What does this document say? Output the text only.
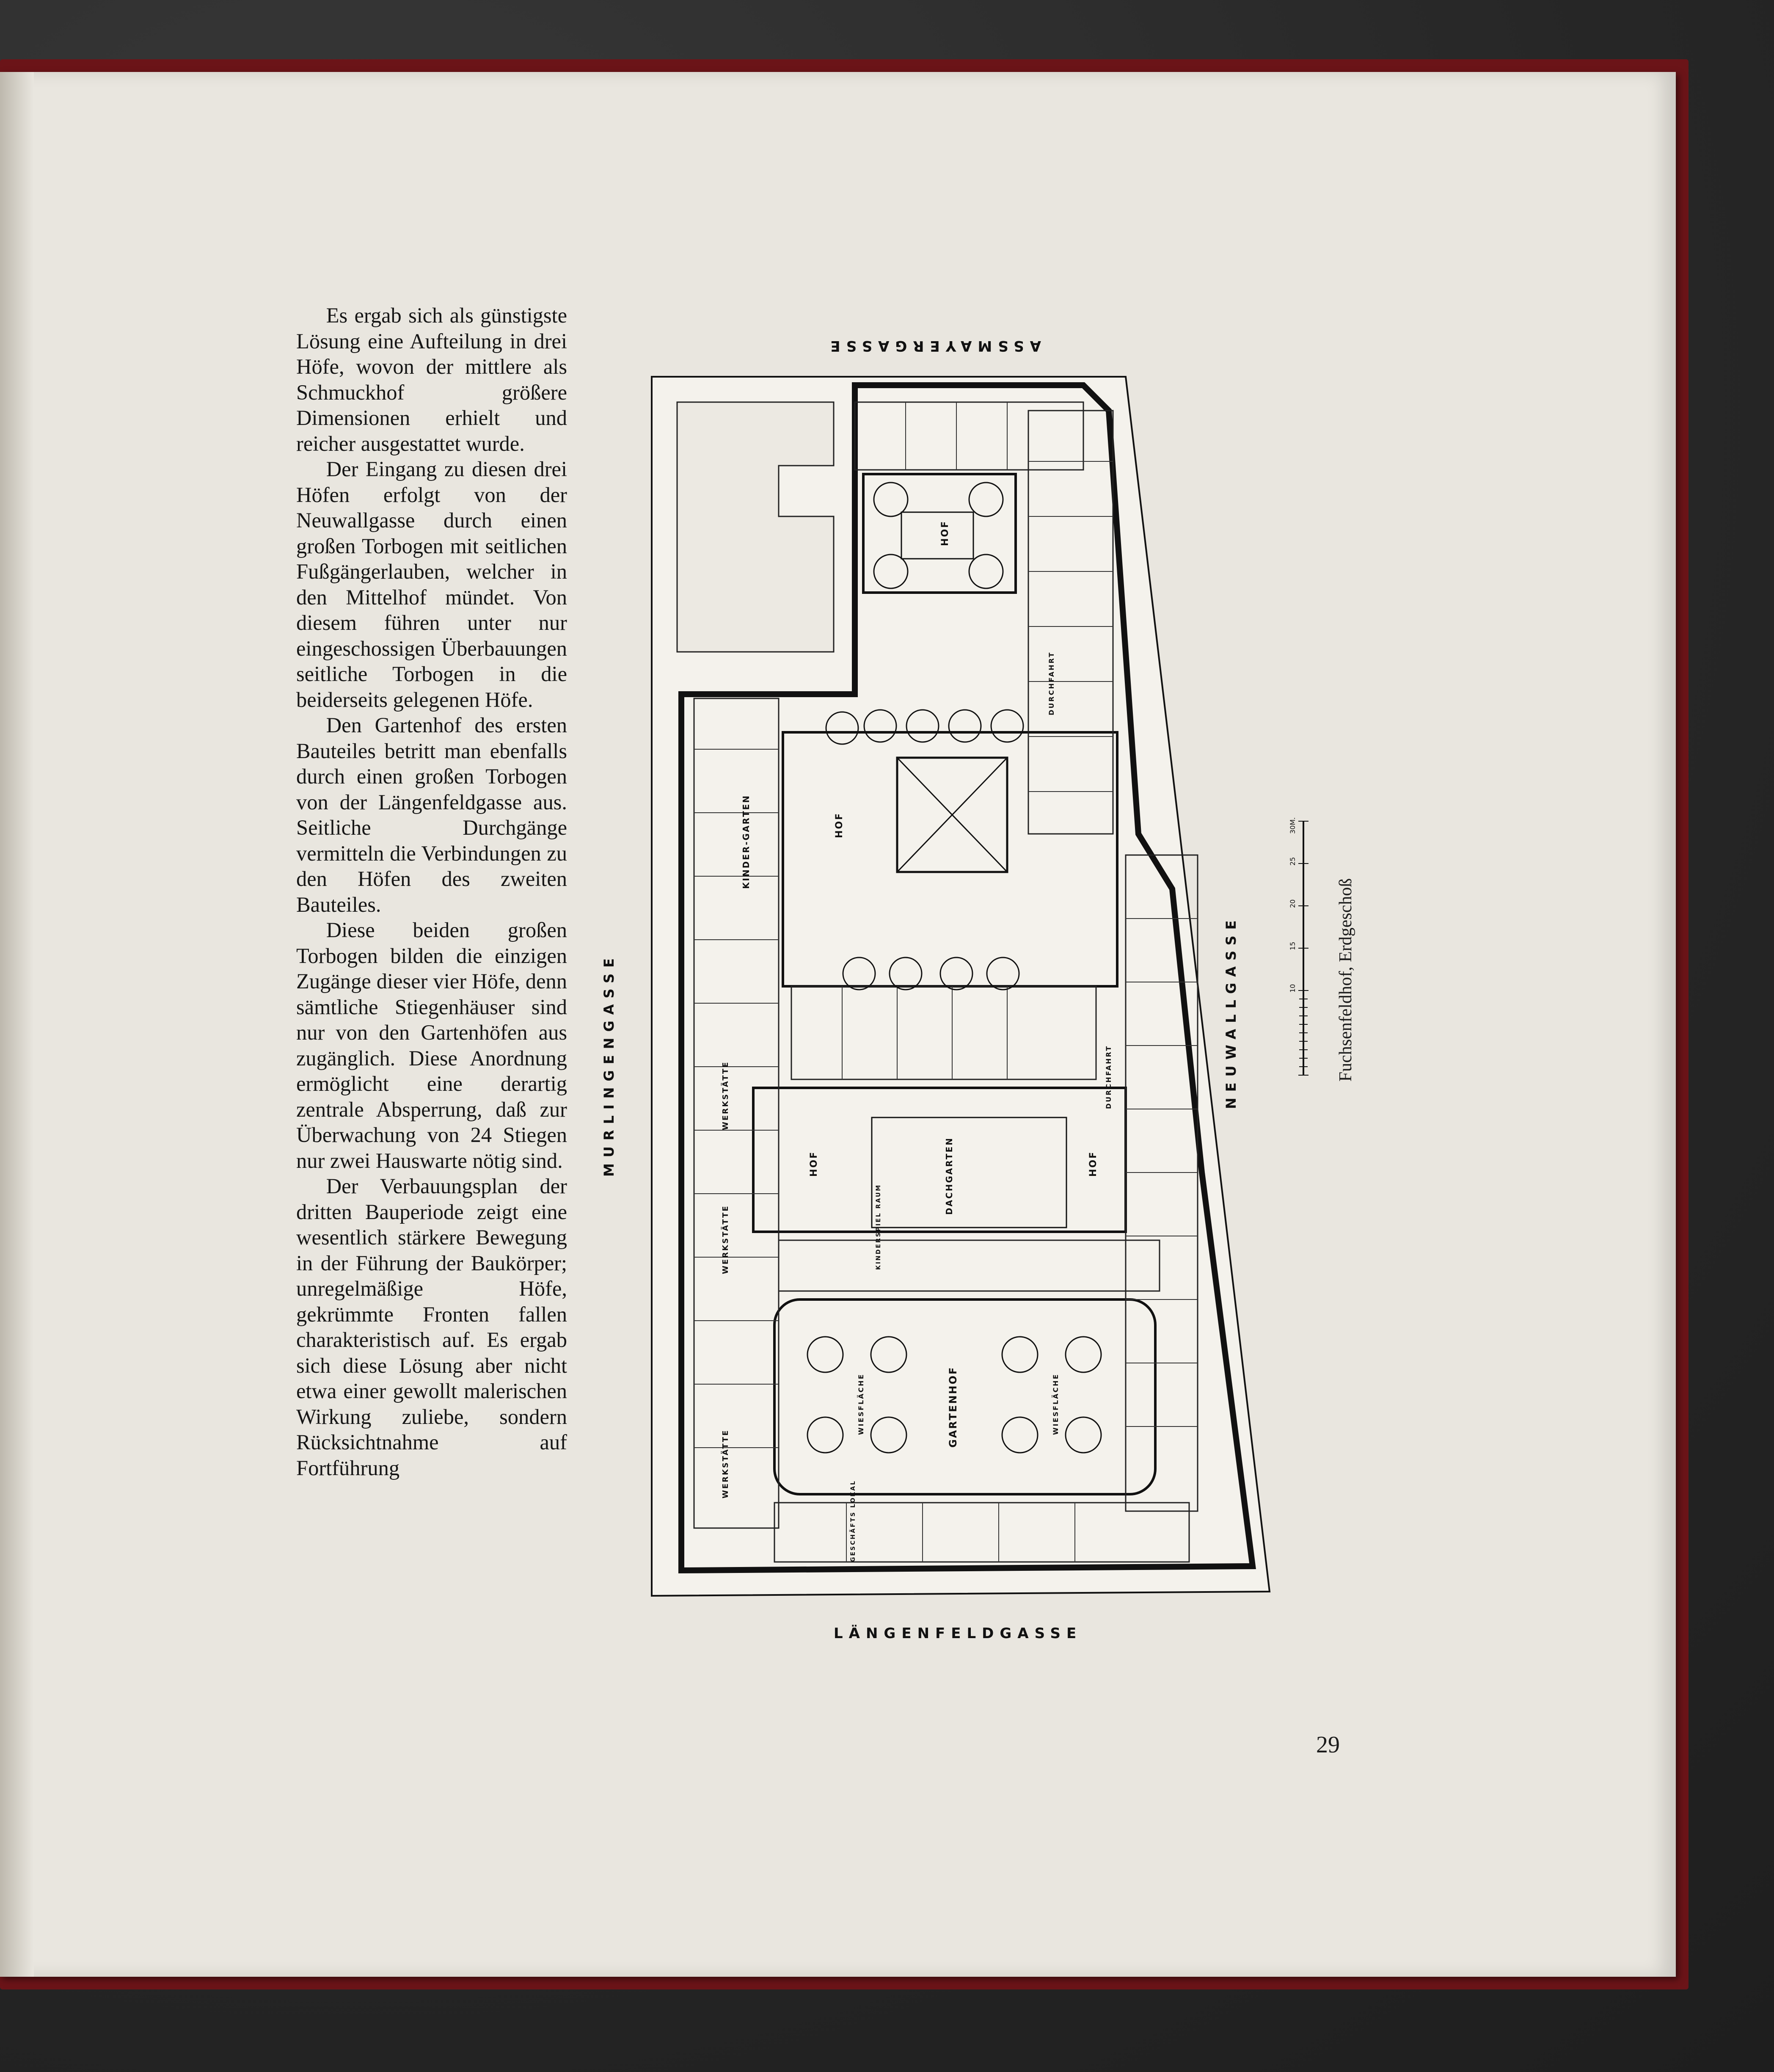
Es ergab sich als günstigste Lösung eine Aufteilung in drei Höfe, wovon der mittlere als Schmuckhof größere Dimensionen erhielt und reicher ausgestattet wurde.

Der Eingang zu diesen drei Höfen erfolgt von der Neuwallgasse durch einen großen Torbogen mit seitlichen Fußgängerlauben, welcher in den Mittelhof mündet. Von diesem führen unter nur eingeschossigen Überbauungen seitliche Torbogen in die beiderseits gelegenen Höfe.

Den Gartenhof des ersten Bauteiles betritt man ebenfalls durch einen großen Torbogen von der Längenfeldgasse aus. Seitliche Durchgänge vermitteln die Verbindungen zu den Höfen des zweiten Bauteiles.

Diese beiden großen Torbogen bilden die einzigen Zugänge dieser vier Höfe, denn sämtliche Stiegenhäuser sind nur von den Gartenhöfen aus zugänglich. Diese Anordnung ermöglicht eine derartig zentrale Absperrung, daß zur Überwachung von 24 Stiegen nur zwei Hauswarte nötig sind.

Der Verbauungsplan der dritten Bauperiode zeigt eine wesentlich stärkere Bewegung in der Führung der Baukörper; unregelmäßige Höfe, gekrümmte Fronten fallen charakteristisch auf. Es ergab sich diese Lösung aber nicht etwa einer gewollt malerischen Wirkung zuliebe, sondern Rücksichtnahme auf Fortführung

ASSMAYERGASSE
LÄNGENFELDGASSE
MURLINGENGASSE	NEUWALLGASSE
HOF
HOF
HOF	HOF
KINDER-GARTEN
DACHGARTEN
GARTENHOF
WIESFLÄCHE	WIESFLÄCHE
WERKSTÄTTE
WERKSTÄTTE
WERKSTÄTTE
DURCHFAHRT
DURCHFAHRT
KINDERSPIEL RAUM
GESCHÄFTS LOKAL
10
15
20
25
30M.
Fuchsenfeldhof, Erdgeschoß
29
